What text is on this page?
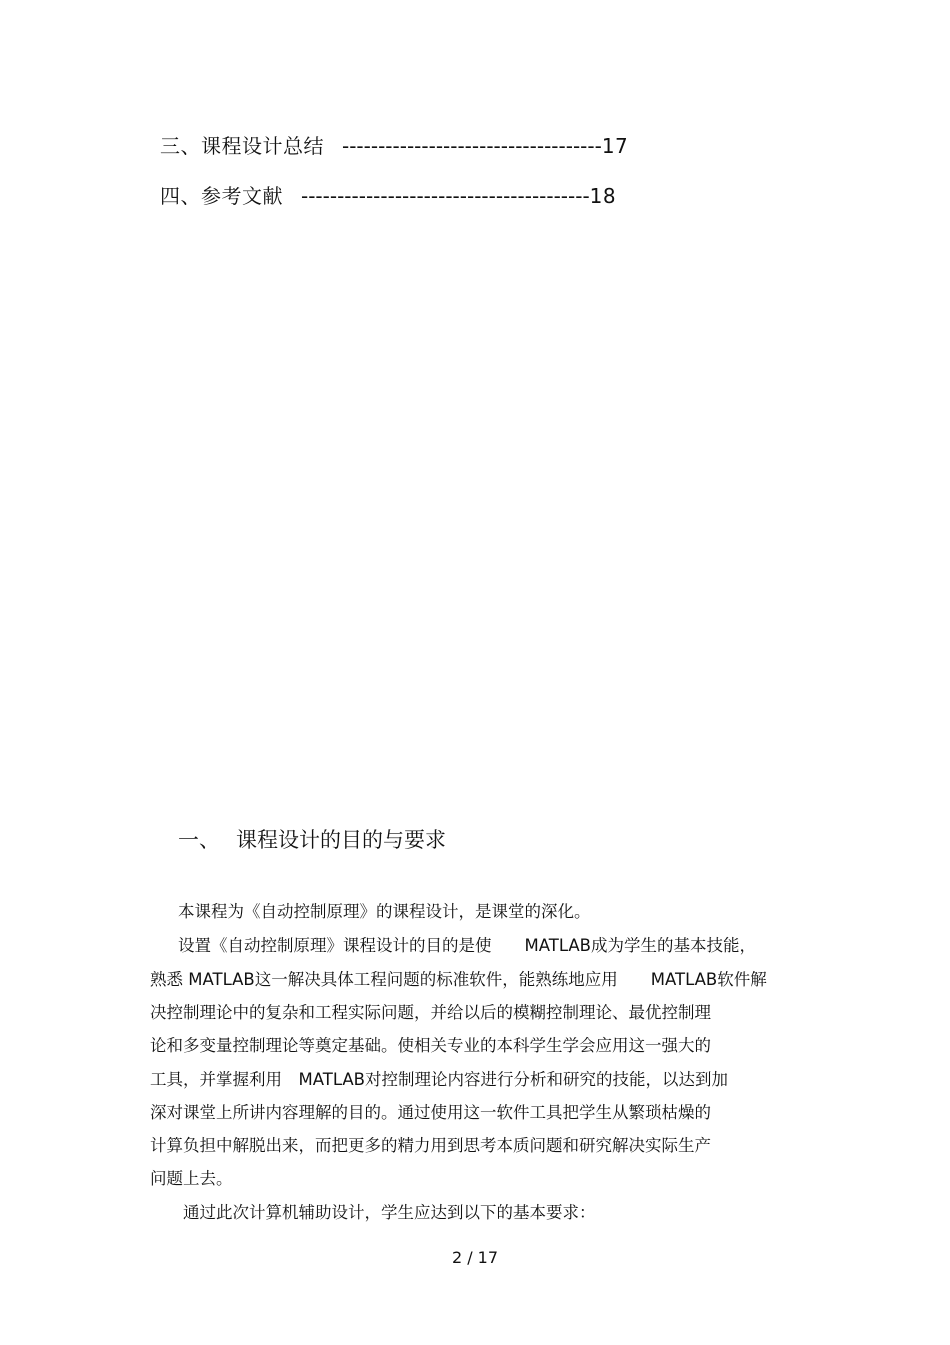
三、课程设计总结 ------------------------------------17
四、参考文献 ----------------------------------------18
一、 课程设计的目的与要求
本课程为《自动控制原理》的课程设计，是课堂的深化。
设置《自动控制原理》课程设计的目的是使　　MATLAB成为学生的基本技能，
熟悉 MATLAB这一解决具体工程问题的标准软件，能熟练地应用　　MATLAB软件解
决控制理论中的复杂和工程实际问题，并给以后的模糊控制理论、最优控制理
论和多变量控制理论等奠定基础。使相关专业的本科学生学会应用这一强大的
工具，并掌握利用　MATLAB对控制理论内容进行分析和研究的技能，以达到加
深对课堂上所讲内容理解的目的。通过使用这一软件工具把学生从繁琐枯燥的
计算负担中解脱出来，而把更多的精力用到思考本质问题和研究解决实际生产
问题上去。
通过此次计算机辅助设计，学生应达到以下的基本要求：
2 / 17
